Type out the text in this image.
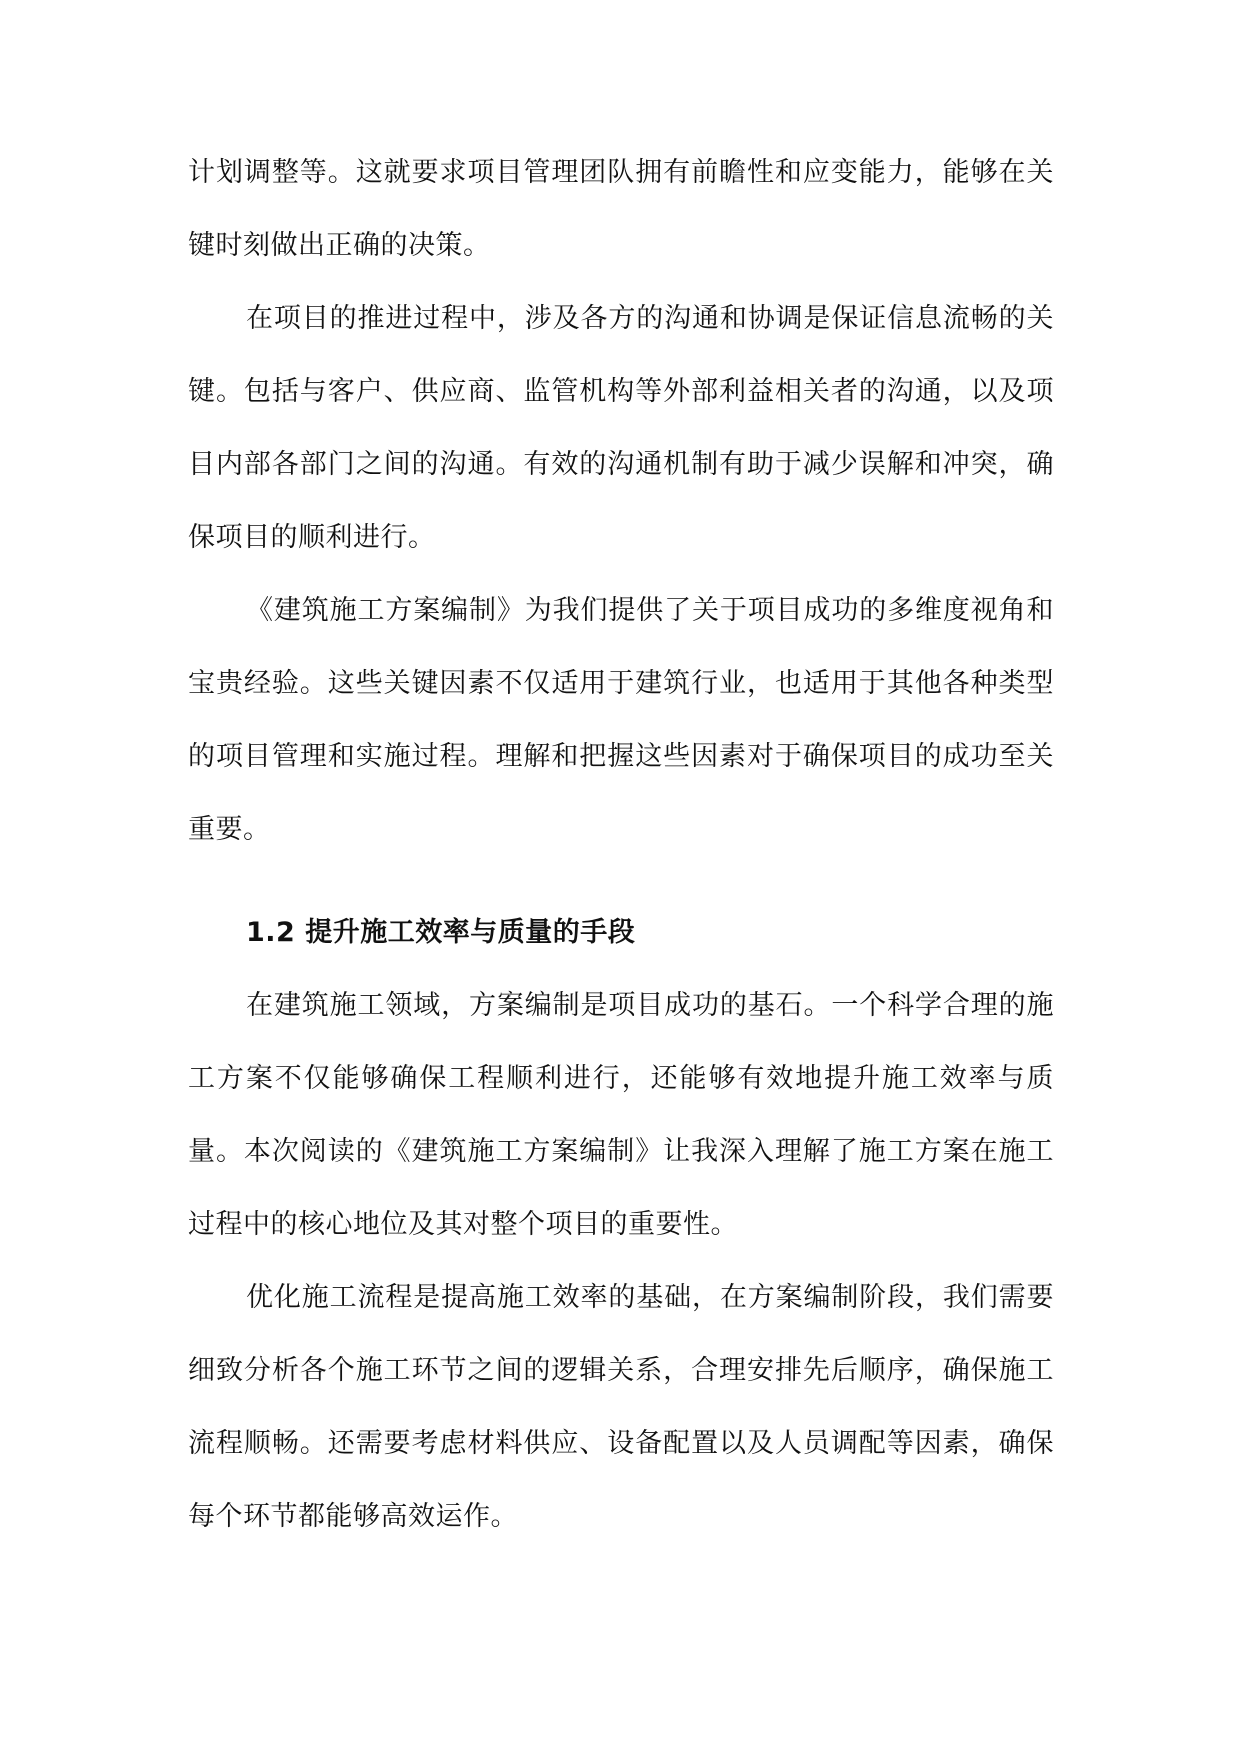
计划调整等。这就要求项目管理团队拥有前瞻性和应变能力，能够在关键时刻做出正确的决策。

在项目的推进过程中，涉及各方的沟通和协调是保证信息流畅的关键。包括与客户、供应商、监管机构等外部利益相关者的沟通，以及项目内部各部门之间的沟通。有效的沟通机制有助于减少误解和冲突，确保项目的顺利进行。

《建筑施工方案编制》为我们提供了关于项目成功的多维度视角和宝贵经验。这些关键因素不仅适用于建筑行业，也适用于其他各种类型的项目管理和实施过程。理解和把握这些因素对于确保项目的成功至关重要。

1.2 提升施工效率与质量的手段

在建筑施工领域，方案编制是项目成功的基石。一个科学合理的施工方案不仅能够确保工程顺利进行，还能够有效地提升施工效率与质量。本次阅读的《建筑施工方案编制》让我深入理解了施工方案在施工过程中的核心地位及其对整个项目的重要性。

优化施工流程是提高施工效率的基础，在方案编制阶段，我们需要细致分析各个施工环节之间的逻辑关系，合理安排先后顺序，确保施工流程顺畅。还需要考虑材料供应、设备配置以及人员调配等因素，确保每个环节都能够高效运作。
